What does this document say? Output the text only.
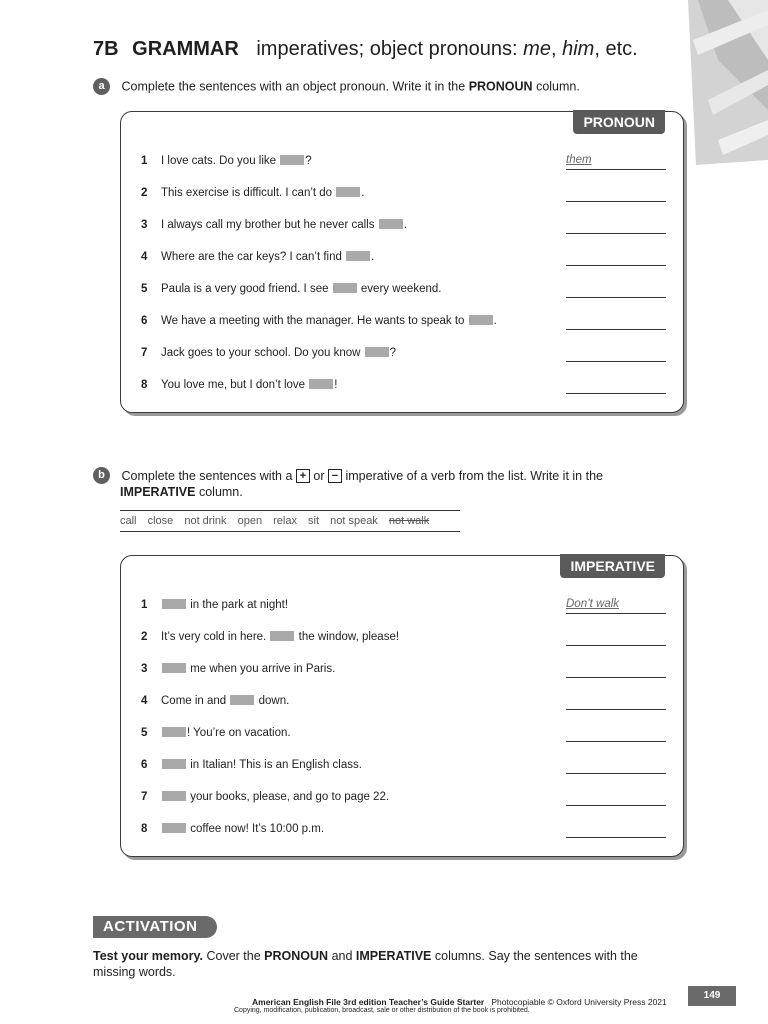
7B GRAMMAR imperatives; object pronouns: me, him, etc.
a Complete the sentences with an object pronoun. Write it in the PRONOUN column.
PRONOUN
1 I love cats. Do you like	?	them
2 This exercise is difficult. I can’t do	.
3 I always call my brother but he never calls	.
4 Where are the car keys? I can’t find	.
5 Paula is a very good friend. I see	every weekend.
6 We have a meeting with the manager. He wants to speak to	.
7 Jack goes to your school. Do you know	?
8 You love me, but I don’t love	!
b Complete the sentences with a + or − imperative of a verb from the list. Write it in the
IMPERATIVE column.
call close not drink open relax sit not speak not walk
IMPERATIVE
1	in the park at night!	Don’t walk
2 It’s very cold in here.	the window, please!
3	me when you arrive in Paris.
4 Come in and	down.
5	! You’re on vacation.
6	in Italian! This is an English class.
7	your books, please, and go to page 22.
8	coffee now! It’s 10:00 p.m.
ACTIVATION
Test your memory. Cover the PRONOUN and IMPERATIVE columns. Say the sentences with the missing words.
149
American English File 3rd edition Teacher’s Guide Starter Photocopiable © Oxford University Press 2021
Copying, modification, publication, broadcast, sale or other distribution of the book is prohibited.
